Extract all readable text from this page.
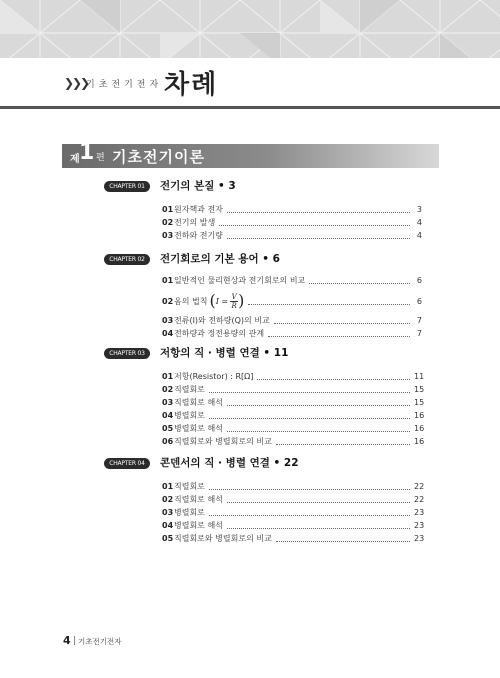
❯❯❯
기초전기전자 차례
제 1 편 기초전기이론
CHAPTER 01	전기의 본질 • 3
01 원자핵과 전자	3
02 전기의 발생	4
03 전하와 전기량	4
CHAPTER 02	전기회로의 기본 용어 • 6
01 일반적인 물리현상과 전기회로의 비교	6
02 옴의 법칙 ( $I = \frac{V}{R}$ )	6
03 전류(I)와 전하량(Q)의 비교	7
04 전하량과 정전용량의 관계	7
CHAPTER 03	저항의 직 · 병렬 연결 • 11
01 저항(Resistor) : R[Ω]	11
02 직렬회로	15
03 직렬회로 해석	15
04 병렬회로	16
05 병렬회로 해석	16
06 직렬회로와 병렬회로의 비교	16
CHAPTER 04	콘덴서의 직 · 병렬 연결 • 22
01 직렬회로	22
02 직렬회로 해석	22
03 병렬회로	23
04 병렬회로 해석	23
05 직렬회로와 병렬회로의 비교	23
4 기초전기전자
